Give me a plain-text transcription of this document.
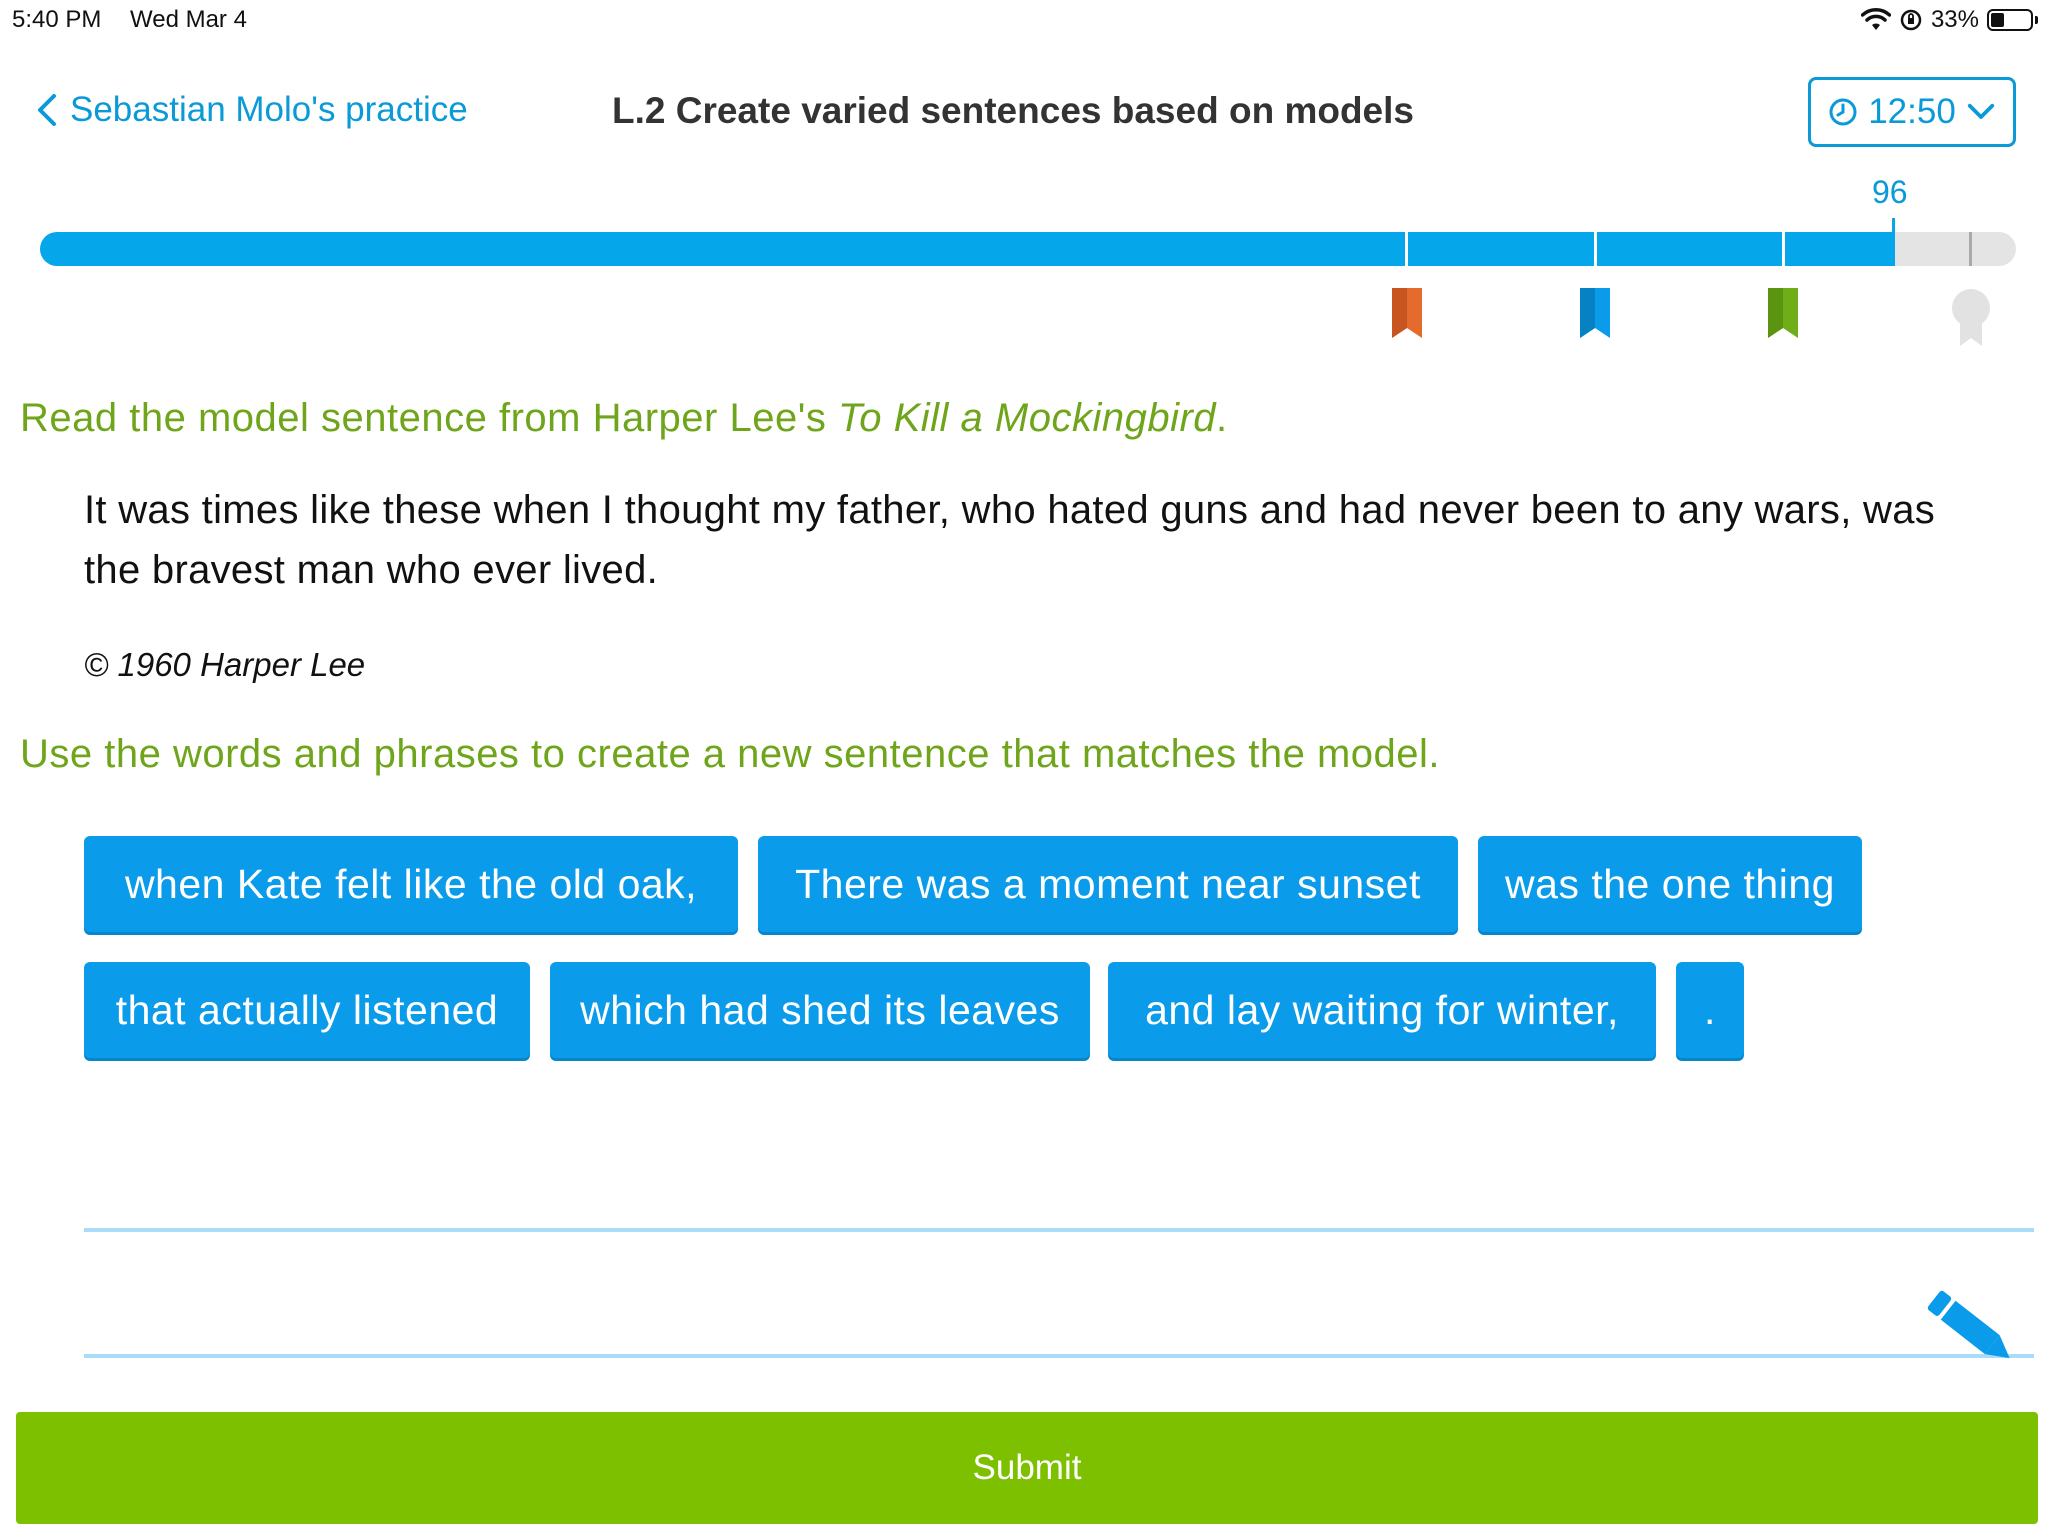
5:40 PM Wed Mar 4	33%
Sebastian Molo's practice	L.2 Create varied sentences based on models	12:50
96
Read the model sentence from Harper Lee's To Kill a Mockingbird.
It was times like these when I thought my father, who hated guns and had never been to any wars, was the bravest man who ever lived.
© 1960 Harper Lee
Use the words and phrases to create a new sentence that matches the model.
when Kate felt like the old oak,	There was a moment near sunset	was the one thing
that actually listened	which had shed its leaves	and lay waiting for winter,	.
Submit
